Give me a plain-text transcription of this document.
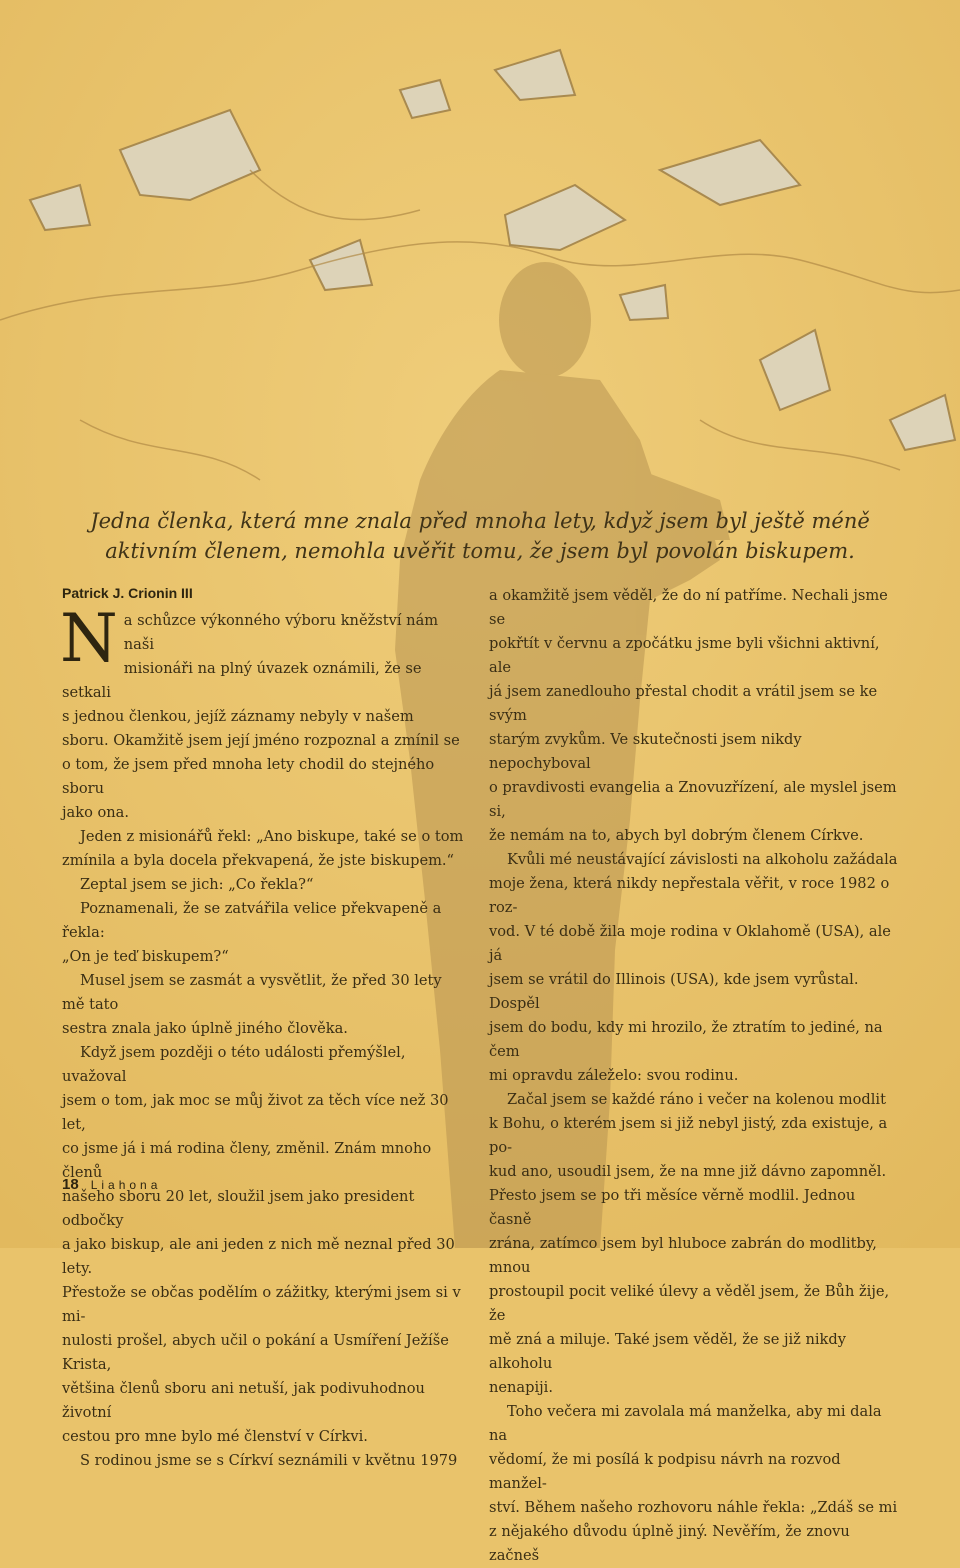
Jedna členka, která mne znala před mnoha lety, když jsem byl ještě méně
aktivním členem, nemohla uvěřit tomu, že jsem byl povolán biskupem.
Patrick J. Crionin III

Na schůzce výkonného výboru kněžství nám naši
misionáři na plný úvazek oznámili, že se setkali
s jednou členkou, jejíž záznamy nebyly v našem
sboru. Okamžitě jsem její jméno rozpoznal a zmínil se
o tom, že jsem před mnoha lety chodil do stejného sboru
jako ona.

Jeden z misionářů řekl: „Ano biskupe, také se o tom
zmínila a byla docela překvapená, že jste biskupem.“

Zeptal jsem se jich: „Co řekla?“

Poznamenali, že se zatvářila velice překvapeně a řekla:
„On je teď biskupem?“

Musel jsem se zasmát a vysvětlit, že před 30 lety mě tato
sestra znala jako úplně jiného člověka.

Když jsem později o této události přemýšlel, uvažoval
jsem o tom, jak moc se můj život za těch více než 30 let,
co jsme já i má rodina členy, změnil. Znám mnoho členů
našeho sboru 20 let, sloužil jsem jako president odbočky
a jako biskup, ale ani jeden z nich mě neznal před 30 lety.
Přestože se občas podělím o zážitky, kterými jsem si v mi-
nulosti prošel, abych učil o pokání a Usmíření Ježíše Krista,
většina členů sboru ani netuší, jak podivuhodnou životní
cestou pro mne bylo mé členství v Církvi.

S rodinou jsme se s Církví seznámili v květnu 1979

a okamžitě jsem věděl, že do ní patříme. Nechali jsme se
pokřtít v červnu a zpočátku jsme byli všichni aktivní, ale
já jsem zanedlouho přestal chodit a vrátil jsem se ke svým
starým zvykům. Ve skutečnosti jsem nikdy nepochyboval
o pravdivosti evangelia a Znovuzřízení, ale myslel jsem si,
že nemám na to, abych byl dobrým členem Církve.

Kvůli mé neustávající závislosti na alkoholu zažádala
moje žena, která nikdy nepřestala věřit, v roce 1982 o roz-
vod. V té době žila moje rodina v Oklahomě (USA), ale já
jsem se vrátil do Illinois (USA), kde jsem vyrůstal. Dospěl
jsem do bodu, kdy mi hrozilo, že ztratím to jediné, na čem
mi opravdu záleželo: svou rodinu.

Začal jsem se každé ráno i večer na kolenou modlit
k Bohu, o kterém jsem si již nebyl jistý, zda existuje, a po-
kud ano, usoudil jsem, že na mne již dávno zapomněl.
Přesto jsem se po tři měsíce věrně modlil. Jednou časně
zrána, zatímco jsem byl hluboce zabrán do modlitby, mnou
prostoupil pocit veliké úlevy a věděl jsem, že Bůh žije, že
mě zná a miluje. Také jsem věděl, že se již nikdy alkoholu
nenapiji.

Toho večera mi zavolala má manželka, aby mi dala na
vědomí, že mi posílá k podpisu návrh na rozvod manžel-
ství. Během našeho rozhovoru náhle řekla: „Zdáš se mi
z nějakého důvodu úplně jiný. Nevěřím, že znovu začneš

18 Liahona
